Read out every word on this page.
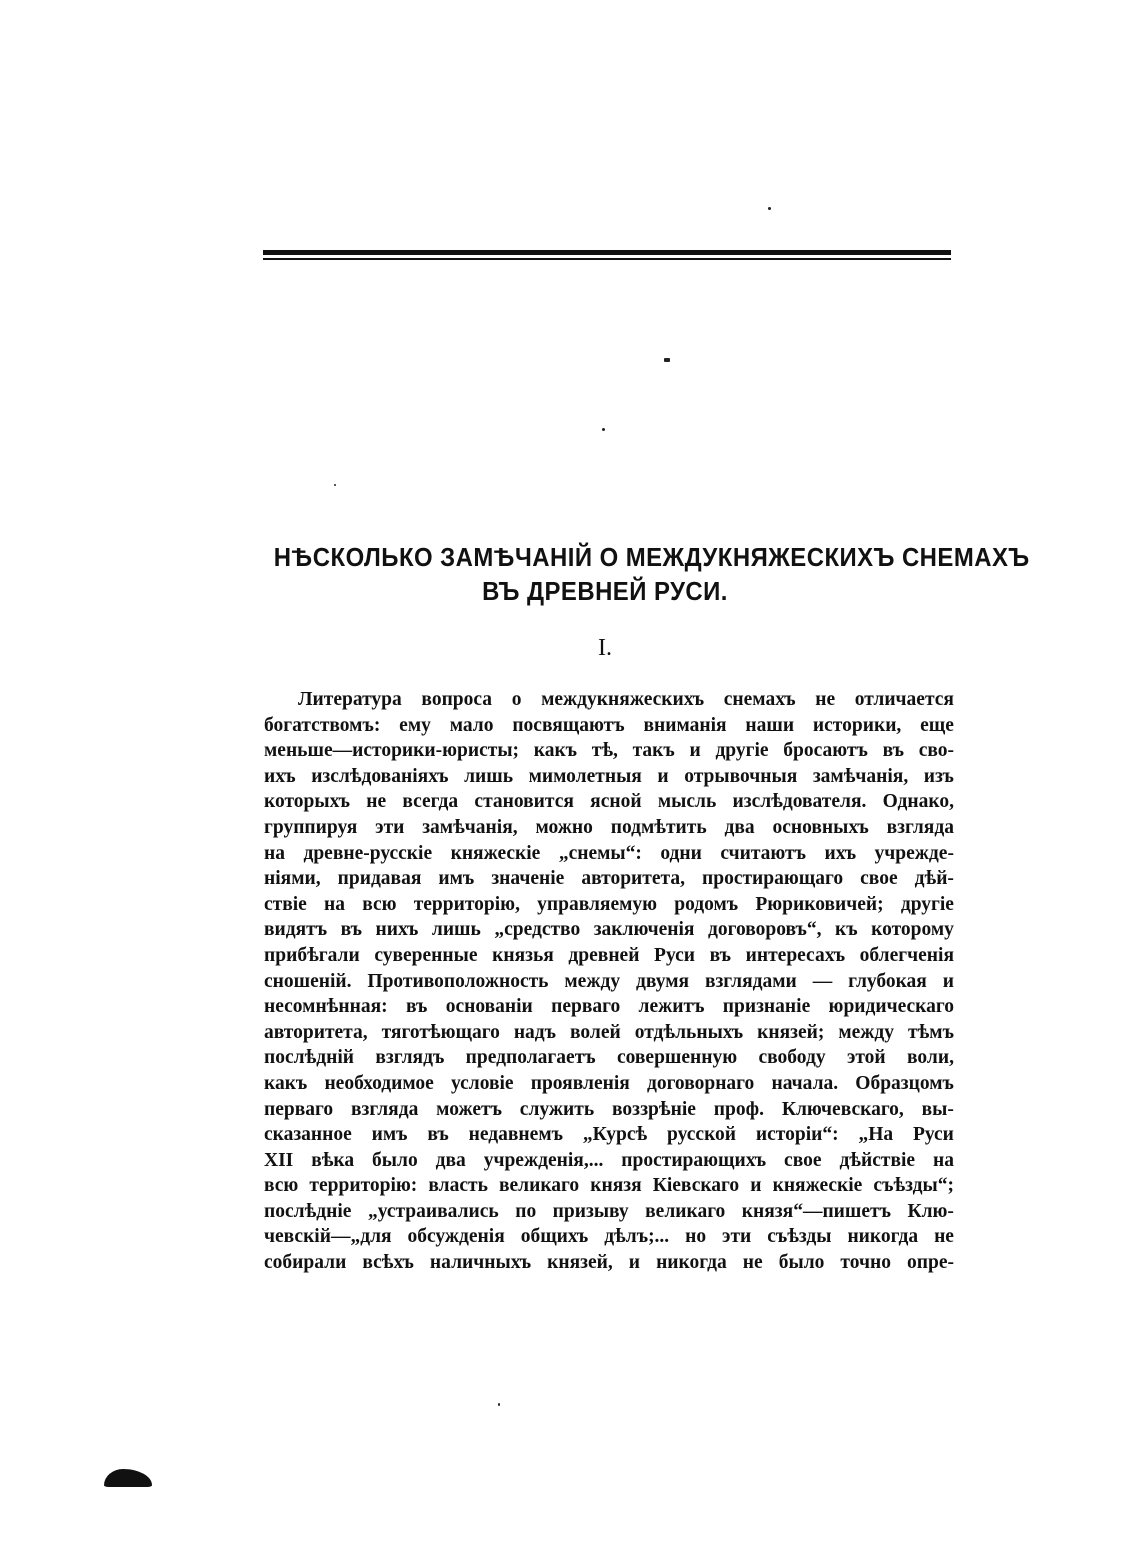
НѢСКОЛЬКО ЗАМѢЧАНІЙ О МЕЖДУКНЯЖЕСКИХЪ СНЕМАХЪ
ВЪ ДРЕВНЕЙ РУСИ.
I.
Литература вопроса о междукняжескихъ снемахъ не отличается
богатствомъ: ему мало посвящаютъ вниманія наши историки, еще
меньше—историки-юристы; какъ тѣ, такъ и другіе бросаютъ въ сво-
ихъ изслѣдованіяхъ лишь мимолетныя и отрывочныя замѣчанія, изъ
которыхъ не всегда становится ясной мысль изслѣдователя. Однако,
группируя эти замѣчанія, можно подмѣтить два основныхъ взгляда
на древне-русскіе княжескіе „снемы“: одни считаютъ ихъ учрежде-
ніями, придавая имъ значеніе авторитета, простирающаго свое дѣй-
ствіе на всю территорію, управляемую родомъ Рюриковичей; другіе
видятъ въ нихъ лишь „средство заключенія договоровъ“, къ которому
прибѣгали суверенные князья древней Руси въ интересахъ облегченія
сношеній. Противоположность между двумя взглядами — глубокая и
несомнѣнная: въ основаніи перваго лежитъ признаніе юридическаго
авторитета, тяготѣющаго надъ волей отдѣльныхъ князей; между тѣмъ
послѣдній взглядъ предполагаетъ совершенную свободу этой воли,
какъ необходимое условіе проявленія договорнаго начала. Образцомъ
перваго взгляда можетъ служить воззрѣніе проф. Ключевскаго, вы-
сказанное имъ въ недавнемъ „Курсѣ русской исторіи“: „На Руси
XII вѣка было два учрежденія,... простирающихъ свое дѣйствіе на
всю территорію: власть великаго князя Кіевскаго и княжескіе съѣзды“;
послѣдніе „устраивались по призыву великаго князя“—пишетъ Клю-
чевскій—„для обсужденія общихъ дѣлъ;... но эти съѣзды никогда не
собирали всѣхъ наличныхъ князей, и никогда не было точно опре-
